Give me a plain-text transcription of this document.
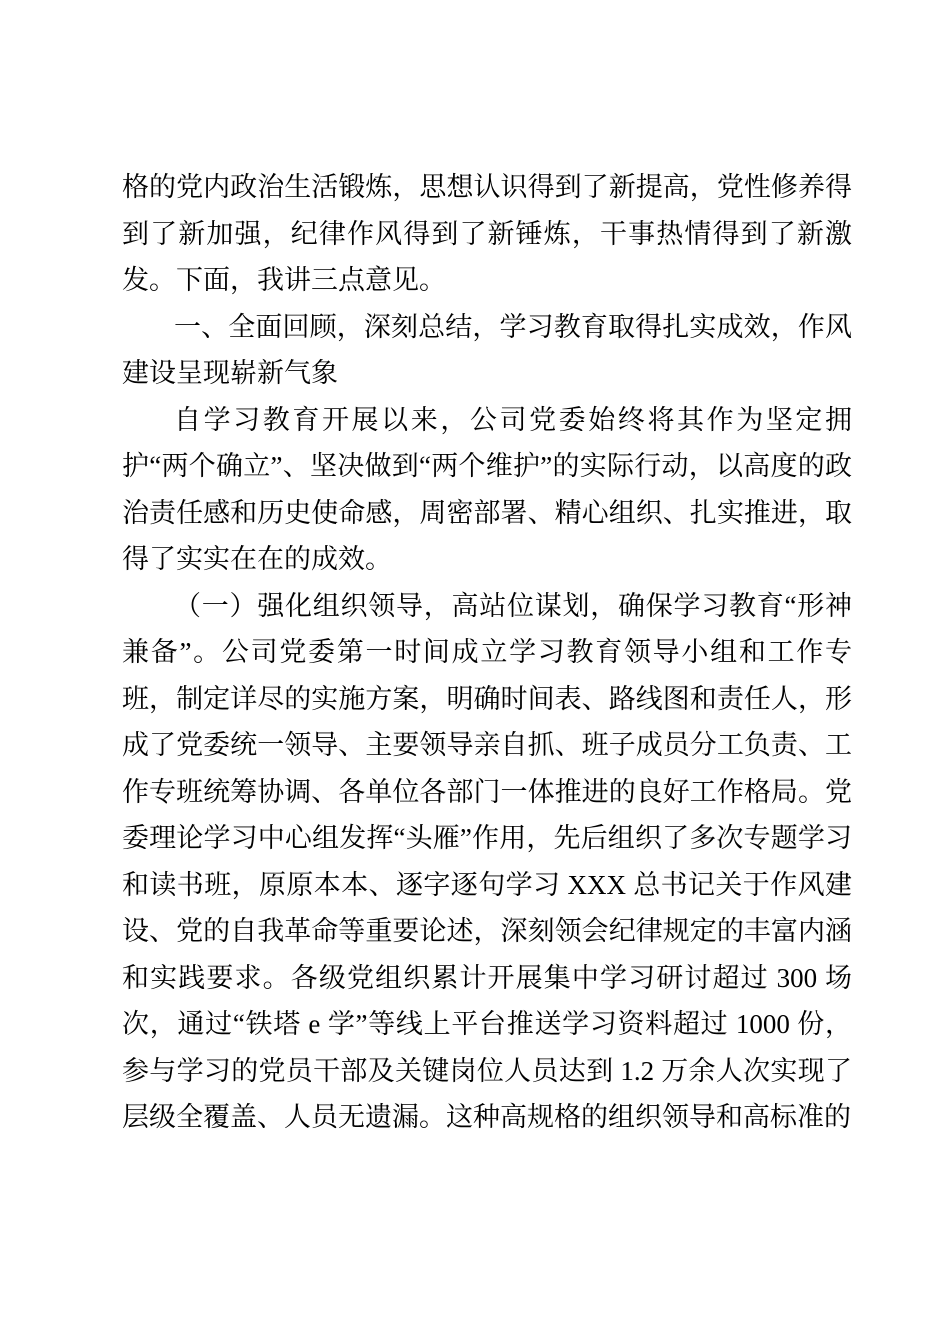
格的党内政治生活锻炼，思想认识得到了新提高，党性修养得到了新加强，纪律作风得到了新锤炼，干事热情得到了新激发。下面，我讲三点意见。

一、全面回顾，深刻总结，学习教育取得扎实成效，作风建设呈现崭新气象

自学习教育开展以来，公司党委始终将其作为坚定拥护“两个确立”、坚决做到“两个维护”的实际行动，以高度的政治责任感和历史使命感，周密部署、精心组织、扎实推进，取得了实实在在的成效。

（一）强化组织领导，高站位谋划，确保学习教育“形神兼备”。公司党委第一时间成立学习教育领导小组和工作专班，制定详尽的实施方案，明确时间表、路线图和责任人，形成了党委统一领导、主要领导亲自抓、班子成员分工负责、工作专班统筹协调、各单位各部门一体推进的良好工作格局。党委理论学习中心组发挥“头雁”作用，先后组织了多次专题学习和读书班，原原本本、逐字逐句学习 XXX 总书记关于作风建设、党的自我革命等重要论述，深刻领会纪律规定的丰富内涵和实践要求。各级党组织累计开展集中学习研讨超过 300 场次，通过“铁塔 e 学”等线上平台推送学习资料超过 1000 份，参与学习的党员干部及关键岗位人员达到 1.2 万余人次实现了层级全覆盖、人员无遗漏。这种高规格的组织领导和高标准的
